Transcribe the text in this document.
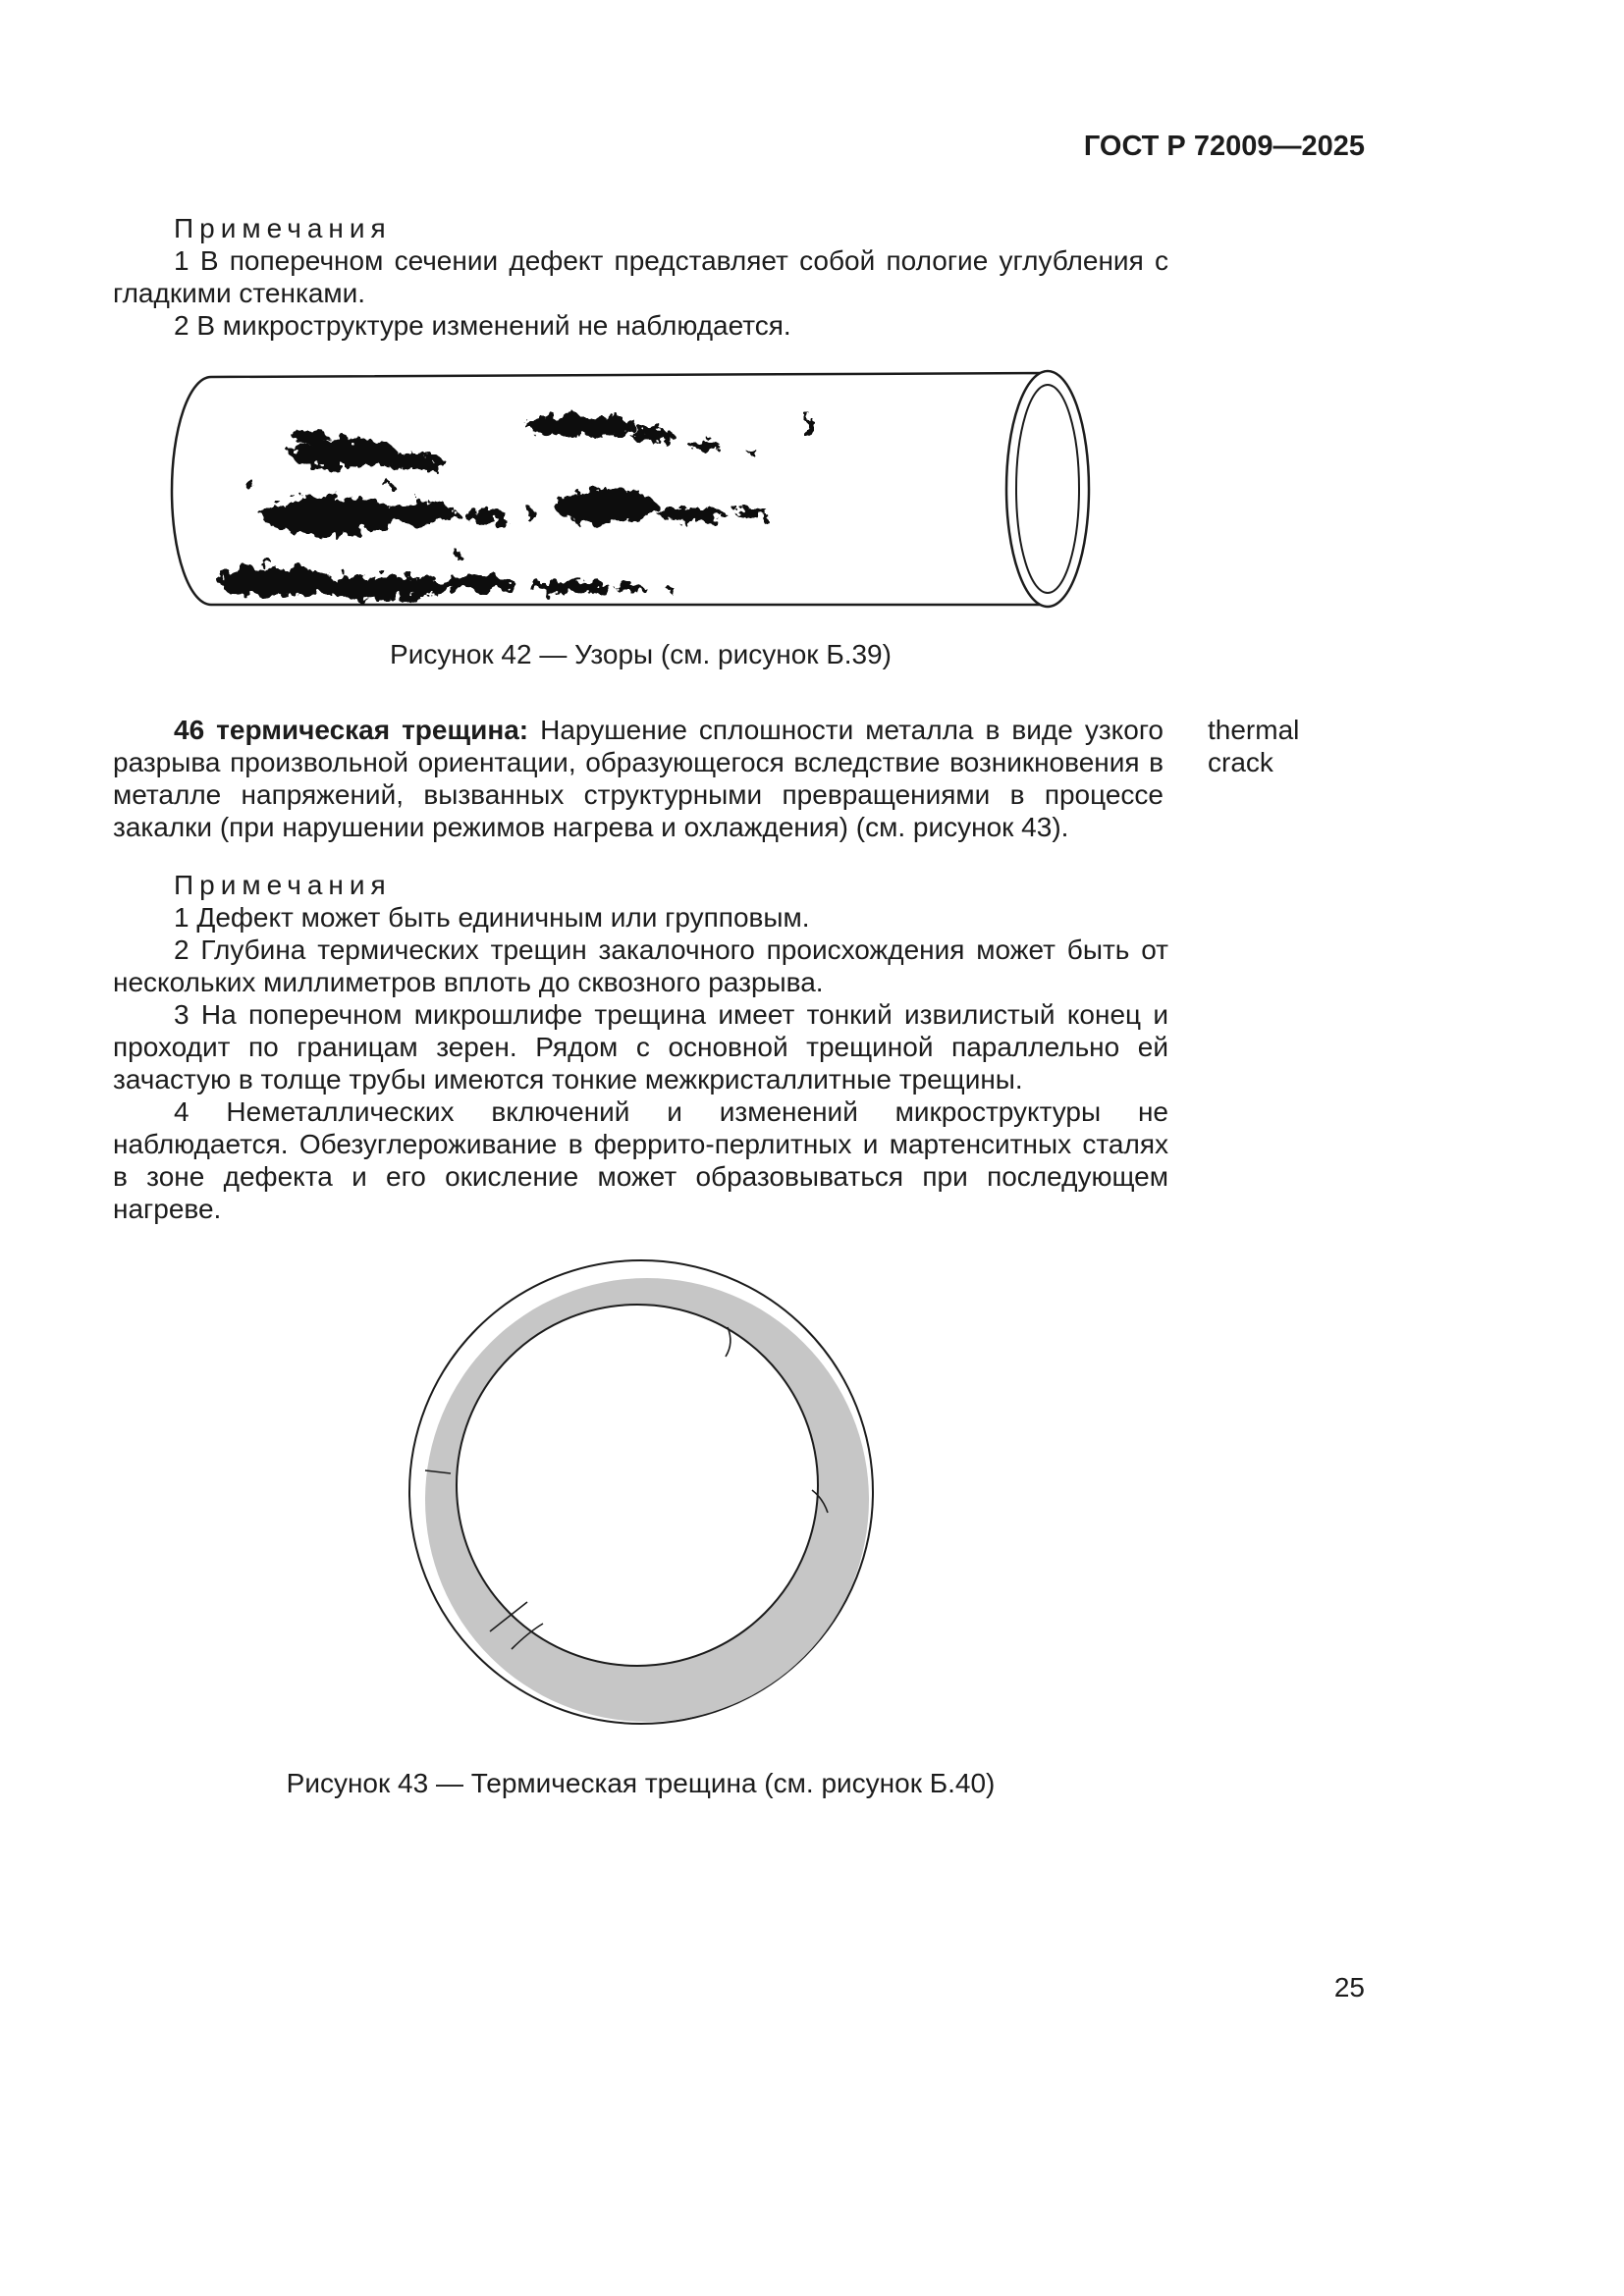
ГОСТ Р 72009—2025

Примечания

1 В поперечном сечении дефект представляет собой пологие углубления с гладкими стенками.

2 В микроструктуре изменений не наблюдается.

Рисунок 42 — Узоры (см. рисунок Б.39)

46 термическая трещина: Нарушение сплошности металла в виде узкого разрыва произвольной ориентации, образующегося вследствие возникновения в металле напряжений, вызванных структурными превращениями в процессе закалки (при нарушении режимов нагрева и охлаждения) (см. рисунок 43).

thermal crack

Примечания

1 Дефект может быть единичным или групповым.

2 Глубина термических трещин закалочного происхождения может быть от нескольких миллиметров вплоть до сквозного разрыва.

3 На поперечном микрошлифе трещина имеет тонкий извилистый конец и проходит по границам зерен. Рядом с основной трещиной параллельно ей зачастую в толще трубы имеются тонкие межкристаллитные трещины.

4 Неметаллических включений и изменений микроструктуры не наблюдается. Обезуглероживание в феррито-перлитных и мартенситных сталях в зоне дефекта и его окисление может образовываться при последующем нагреве.

Рисунок 43 — Термическая трещина (см. рисунок Б.40)

25
